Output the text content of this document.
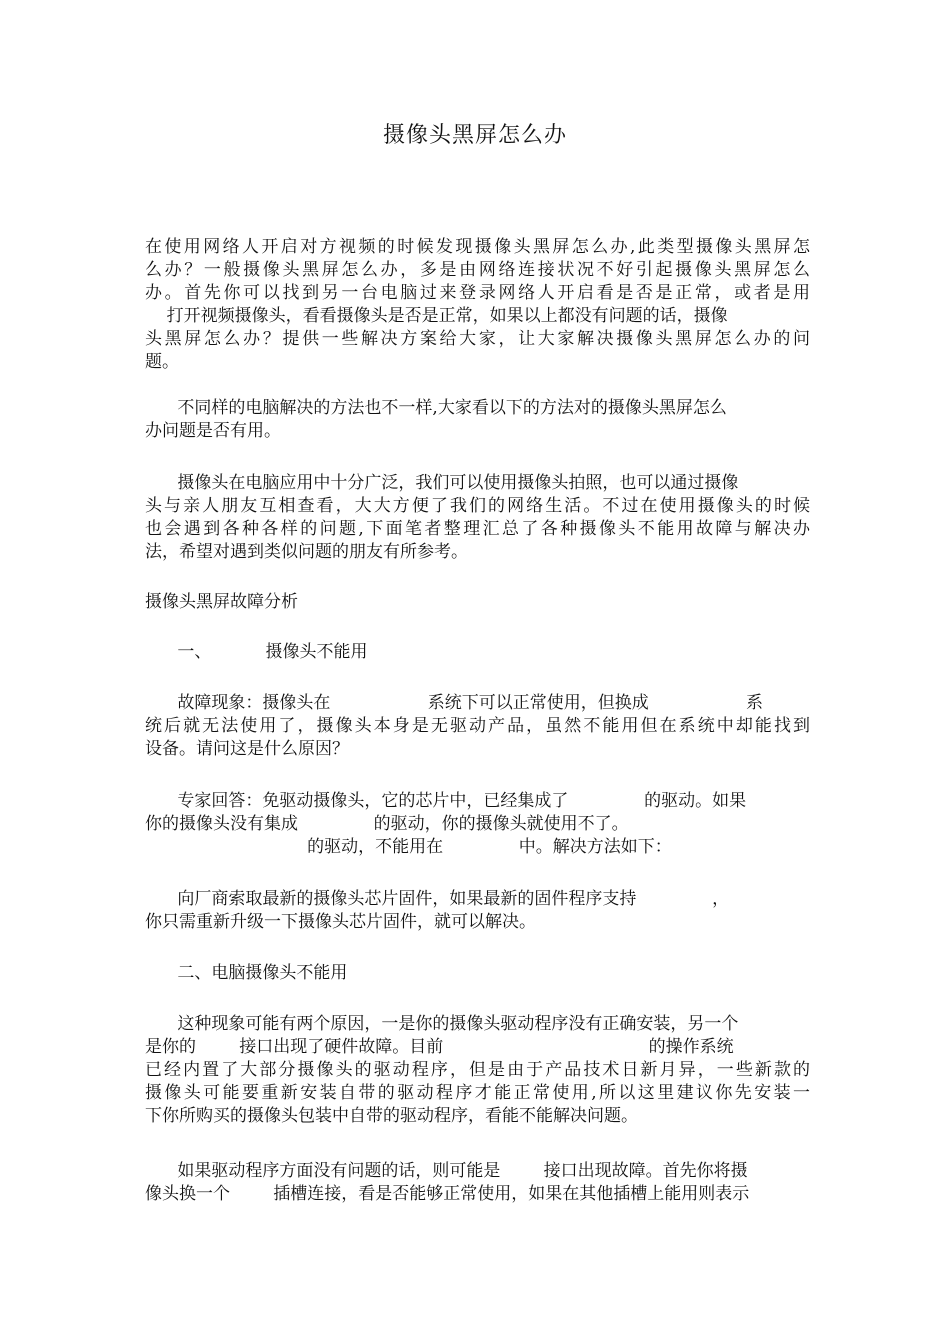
摄像头黑屏怎么办
在使用网络人开启对方视频的时候发现摄像头黑屏怎么办,此类型摄像头黑屏怎
么办？一般摄像头黑屏怎么办，多是由网络连接状况不好引起摄像头黑屏怎么
办。首先你可以找到另一台电脑过来登录网络人开启看是否是正常，或者是用
打开视频摄像头，看看摄像头是否是正常，如果以上都没有问题的话，摄像
头黑屏怎么办？提供一些解决方案给大家，让大家解决摄像头黑屏怎么办的问
题。
不同样的电脑解决的方法也不一样,大家看以下的方法对的摄像头黑屏怎么
办问题是否有用。
摄像头在电脑应用中十分广泛，我们可以使用摄像头拍照，也可以通过摄像
头与亲人朋友互相查看，大大方便了我们的网络生活。不过在使用摄像头的时候
也会遇到各种各样的问题,下面笔者整理汇总了各种摄像头不能用故障与解决办
法，希望对遇到类似问题的朋友有所参考。
摄像头黑屏故障分析
一、          摄像头不能用
故障现象：摄像头在                  系统下可以正常使用，但换成                  系
统后就无法使用了，摄像头本身是无驱动产品，虽然不能用但在系统中却能找到
设备。请问这是什么原因？
专家回答：免驱动摄像头，它的芯片中，已经集成了              的驱动。如果
你的摄像头没有集成              的驱动，你的摄像头就使用不了。
的驱动，不能用在              中。解决方法如下：
向厂商索取最新的摄像头芯片固件，如果最新的固件程序支持              ，
你只需重新升级一下摄像头芯片固件，就可以解决。
二、电脑摄像头不能用
这种现象可能有两个原因，一是你的摄像头驱动程序没有正确安装，另一个
是你的        接口出现了硬件故障。目前                                      的操作系统
已经内置了大部分摄像头的驱动程序，但是由于产品技术日新月异，一些新款的
摄像头可能要重新安装自带的驱动程序才能正常使用,所以这里建议你先安装一
下你所购买的摄像头包装中自带的驱动程序，看能不能解决问题。
如果驱动程序方面没有问题的话，则可能是        接口出现故障。首先你将摄
像头换一个        插槽连接，看是否能够正常使用，如果在其他插槽上能用则表示
